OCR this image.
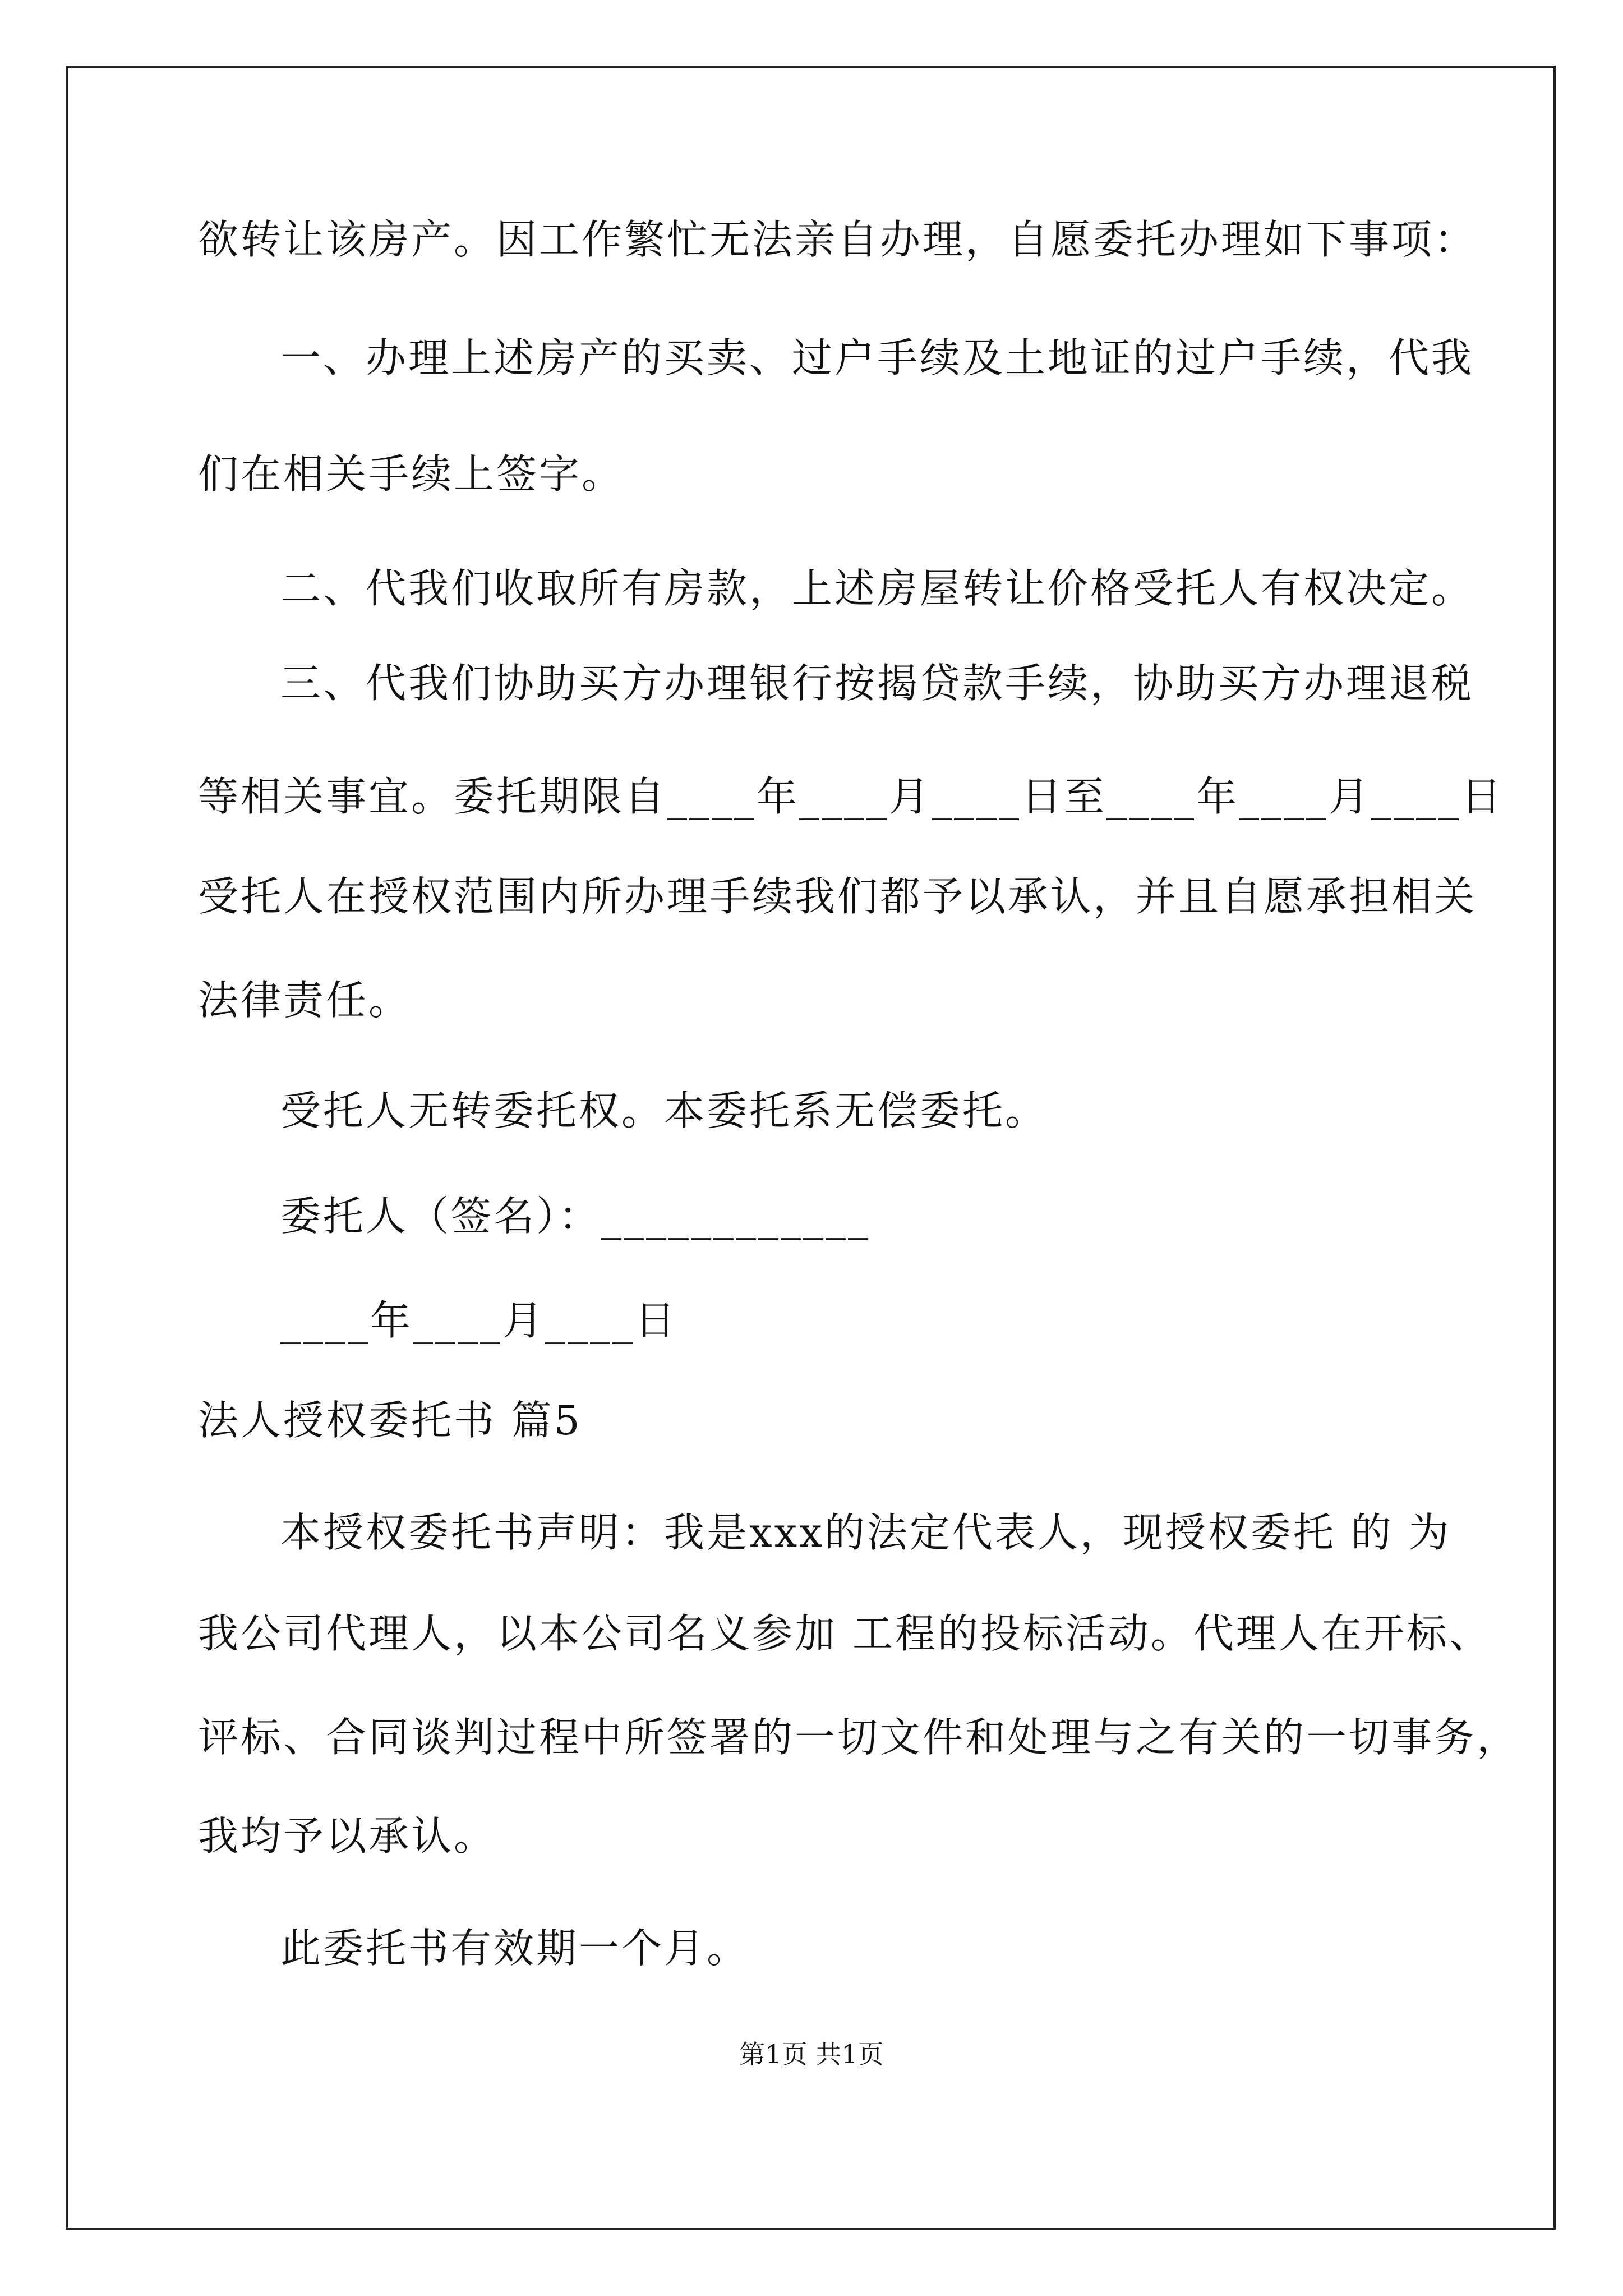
欲转让该房产。因工作繁忙无法亲自办理，自愿委托办理如下事项：
一、办理上述房产的买卖、过户手续及土地证的过户手续，代我
们在相关手续上签字。
二、代我们收取所有房款，上述房屋转让价格受托人有权决定。
三、代我们协助买方办理银行按揭贷款手续，协助买方办理退税
等相关事宜。委托期限自____年____月____日至____年____月____日
受托人在授权范围内所办理手续我们都予以承认，并且自愿承担相关
法律责任。
受托人无转委托权。本委托系无偿委托。
委托人（签名）：____________
____年____月____日
法人授权委托书 篇5
本授权委托书声明：我是xxx的法定代表人，现授权委托 的 为
我公司代理人，以本公司名义参加 工程的投标活动。代理人在开标、
评标、合同谈判过程中所签署的一切文件和处理与之有关的一切事务，
我均予以承认。
此委托书有效期一个月。
第1页 共1页
